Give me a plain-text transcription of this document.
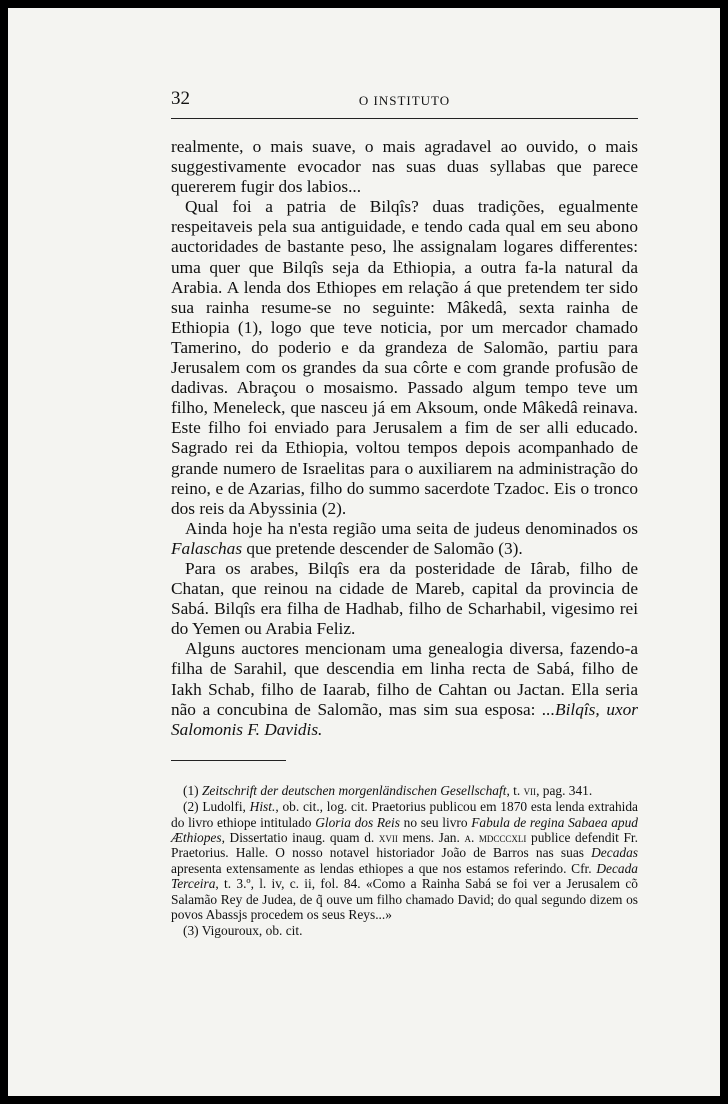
32	O INSTITUTO

realmente, o mais suave, o mais agradavel ao ouvido, o mais suggestivamente evocador nas suas duas syllabas que parece quererem fugir dos labios...

Qual foi a patria de Bilqîs? duas tradições, egualmente respeitaveis pela sua antiguidade, e tendo cada qual em seu abono auctoridades de bastante peso, lhe assignalam logares differentes: uma quer que Bilqîs seja da Ethiopia, a outra fa-la natural da Arabia. A lenda dos Ethiopes em relação á que pretendem ter sido sua rainha resume-se no seguinte: Mâkedâ, sexta rainha de Ethiopia (1), logo que teve noticia, por um mercador chamado Tamerino, do poderio e da grandeza de Salomão, partiu para Jerusalem com os grandes da sua côrte e com grande profusão de dadivas. Abraçou o mosaismo. Passado algum tempo teve um filho, Meneleck, que nasceu já em Aksoum, onde Mâkedâ reinava. Este filho foi enviado para Jerusalem a fim de ser alli educado. Sagrado rei da Ethiopia, voltou tempos depois acompanhado de grande numero de Israelitas para o auxiliarem na administração do reino, e de Azarias, filho do summo sacerdote Tzadoc. Eis o tronco dos reis da Abyssinia (2).

Ainda hoje ha n'esta região uma seita de judeus denominados os Falaschas que pretende descender de Salomão (3).

Para os arabes, Bilqîs era da posteridade de Iârab, filho de Chatan, que reinou na cidade de Mareb, capital da provincia de Sabá. Bilqîs era filha de Hadhab, filho de Scharhabil, vigesimo rei do Yemen ou Arabia Feliz.

Alguns auctores mencionam uma genealogia diversa, fazendo-a filha de Sarahil, que descendia em linha recta de Sabá, filho de Iakh Schab, filho de Iaarab, filho de Cahtan ou Jactan. Ella seria não a concubina de Salomão, mas sim sua esposa: ...Bilqîs, uxor Salomonis F. Davidis.

(1) Zeitschrift der deutschen morgenländischen Gesellschaft, t. vii, pag. 341.

(2) Ludolfi, Hist., ob. cit., log. cit. Praetorius publicou em 1870 esta lenda extrahida do livro ethiope intitulado Gloria dos Reis no seu livro Fabula de regina Sabaea apud Æthiopes, Dissertatio inaug. quam d. xvii mens. Jan. a. mdcccxli publice defendit Fr. Praetorius. Halle. O nosso notavel historiador João de Barros nas suas Decadas apresenta extensamente as lendas ethiopes a que nos estamos referindo. Cfr. Decada Terceira, t. 3.º, l. iv, c. ii, fol. 84. «Como a Rainha Sabá se foi ver a Jerusalem cõ Salamão Rey de Judea, de q̃ ouve um filho chamado David; do qual segundo dizem os povos Abassjs procedem os seus Reys...»

(3) Vigouroux, ob. cit.
